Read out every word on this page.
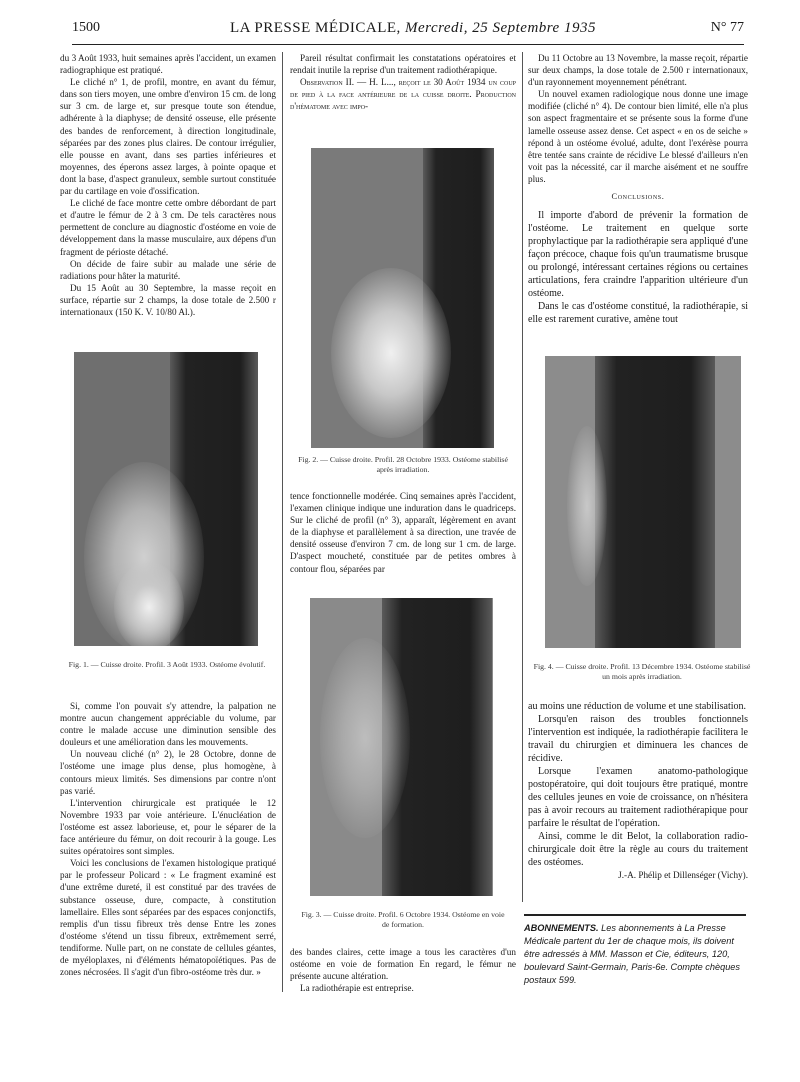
1500	LA PRESSE MÉDICALE, Mercredi, 25 Septembre 1935	N° 77

du 3 Août 1933, huit semaines après l'accident, un examen radiographique est pratiqué.

Le cliché n° 1, de profil, montre, en avant du fémur, dans son tiers moyen, une ombre d'environ 15 cm. de long sur 3 cm. de large et, sur presque toute son étendue, adhérente à la diaphyse; de densité osseuse, elle présente des bandes de renforcement, à direction longitudinale, séparées par des zones plus claires. De contour irrégulier, elle pousse en avant, dans ses parties inférieures et moyennes, des éperons assez larges, à pointe opaque et dont la base, d'aspect granuleux, semble surtout constituée par du cartilage en voie d'ossification.

Le cliché de face montre cette ombre débordant de part et d'autre le fémur de 2 à 3 cm. De tels caractères nous permettent de conclure au diagnostic d'ostéome en voie de développement dans la masse musculaire, aux dépens d'un fragment de périoste détaché.

On décide de faire subir au malade une série de radiations pour hâter la maturité.

Du 15 Août au 30 Septembre, la masse reçoit en surface, répartie sur 2 champs, la dose totale de 2.500 r internationaux (150 K. V. 10/80 Al.).

Fig. 1. — Cuisse droite. Profil. 3 Août 1933. Ostéome évolutif.

Si, comme l'on pouvait s'y attendre, la palpation ne montre aucun changement appréciable du volume, par contre le malade accuse une diminution sensible des douleurs et une amélioration dans les mouvements.

Un nouveau cliché (n° 2), le 28 Octobre, donne de l'ostéome une image plus dense, plus homogène, à contours mieux limités. Ses dimensions par contre n'ont pas varié.

L'intervention chirurgicale est pratiquée le 12 Novembre 1933 par voie antérieure. L'énucléation de l'ostéome est assez laborieuse, et, pour le séparer de la face antérieure du fémur, on doit recourir à la gouge. Les suites opératoires sont simples.

Voici les conclusions de l'examen histologique pratiqué par le professeur Policard : « Le fragment examiné est d'une extrême dureté, il est constitué par des travées de substance osseuse, dure, compacte, à constitution lamellaire. Elles sont séparées par des espaces conjonctifs, remplis d'un tissu fibreux très dense Entre les zones d'ostéome s'étend un tissu fibreux, extrêmement serré, tendiforme. Nulle part, on ne constate de cellules géantes, de myéloplaxes, ni d'éléments hématopoïétiques. Pas de zones nécrosées. Il s'agit d'un fibro-ostéome très dur. »

Pareil résultat confirmait les constatations opératoires et rendait inutile la reprise d'un traitement radiothérapique.

Observation II. — H. L..., reçoit le 30 Août 1934 un coup de pied à la face antérieure de la cuisse droite. Production d'hématome avec impo-

Fig. 2. — Cuisse droite. Profil. 28 Octobre 1933. Ostéome stabilisé après irradiation.

tence fonctionnelle modérée. Cinq semaines après l'accident, l'examen clinique indique une induration dans le quadriceps. Sur le cliché de profil (n° 3), apparaît, légèrement en avant de la diaphyse et parallèlement à sa direction, une travée de densité osseuse d'environ 7 cm. de long sur 1 cm. de large. D'aspect moucheté, constituée par de petites ombres à contour flou, séparées par

Fig. 3. — Cuisse droite. Profil. 6 Octobre 1934. Ostéome en voie de formation.

des bandes claires, cette image a tous les caractères d'un ostéome en voie de formation En regard, le fémur ne présente aucune altération.

La radiothérapie est entreprise.

Du 11 Octobre au 13 Novembre, la masse reçoit, répartie sur deux champs, la dose totale de 2.500 r internationaux, d'un rayonnement moyennement pénétrant.

Un nouvel examen radiologique nous donne une image modifiée (cliché n° 4). De contour bien limité, elle n'a plus son aspect fragmentaire et se présente sous la forme d'une lamelle osseuse assez dense. Cet aspect « en os de seiche » répond à un ostéome évolué, adulte, dont l'exérèse pourra être tentée sans crainte de récidive Le blessé d'ailleurs n'en voit pas la nécessité, car il marche aisément et ne souffre plus.

Conclusions.

Il importe d'abord de prévenir la formation de l'ostéome. Le traitement en quelque sorte prophylactique par la radiothérapie sera appliqué d'une façon précoce, chaque fois qu'un traumatisme brusque ou prolongé, intéressant certaines régions ou certaines articulations, fera craindre l'apparition ultérieure d'un ostéome.

Dans le cas d'ostéome constitué, la radiothérapie, si elle est rarement curative, amène tout

Fig. 4. — Cuisse droite. Profil. 13 Décembre 1934. Ostéome stabilisé un mois après irradiation.

au moins une réduction de volume et une stabilisation.

Lorsqu'en raison des troubles fonctionnels l'intervention est indiquée, la radiothérapie facilitera le travail du chirurgien et diminuera les chances de récidive.

Lorsque l'examen anatomo-pathologique postopératoire, qui doit toujours être pratiqué, montre des cellules jeunes en voie de croissance, on n'hésitera pas à avoir recours au traitement radiothérapique pour parfaire le résultat de l'opération.

Ainsi, comme le dit Belot, la collaboration radio-chirurgicale doit être la règle au cours du traitement des ostéomes.

J.-A. Phélip et Dillenséger (Vichy).

ABONNEMENTS. Les abonnements à La Presse Médicale partent du 1er de chaque mois, ils doivent être adressés à MM. Masson et Cie, éditeurs, 120, boulevard Saint-Germain, Paris-6e. Compte chèques postaux 599.
